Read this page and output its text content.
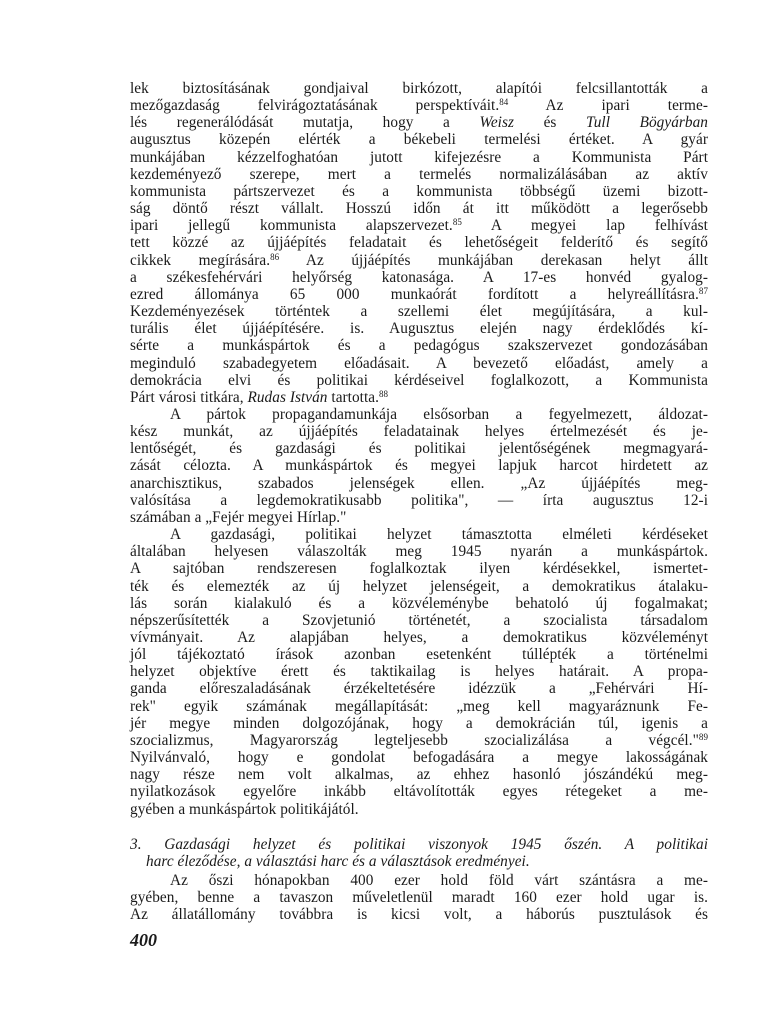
lek biztosításának gondjaival birkózott, alapítói felcsillantották a
mezőgazdaság felvirágoztatásának perspektíváit.$^{84}$ Az ipari terme-
lés regenerálódását mutatja, hogy a Weisz és Tull Bögyárban
augusztus közepén elérték a békebeli termelési értéket. A gyár
munkájában kézzelfoghatóan jutott kifejezésre a Kommunista Párt
kezdeményező szerepe, mert a termelés normalizálásában az aktív
kommunista pártszervezet és a kommunista többségű üzemi bizott-
ság döntő részt vállalt. Hosszú időn át itt működött a legerősebb
ipari jellegű kommunista alapszervezet.$^{85}$ A megyei lap felhívást
tett közzé az újjáépítés feladatait és lehetőségeit felderítő és segítő
cikkek megírására.$^{86}$ Az újjáépítés munkájában derekasan helyt állt
a székesfehérvári helyőrség katonasága. A 17-es honvéd gyalog-
ezred állománya 65 000 munkaórát fordított a helyreállításra.$^{87}$
Kezdeményezések történtek a szellemi élet megújítására, a kul-
turális élet újjáépítésére. is. Augusztus elején nagy érdeklődés kí-
sérte a munkáspártok és a pedagógus szakszervezet gondozásában
meginduló szabadegyetem előadásait. A bevezető előadást, amely a
demokrácia elvi és politikai kérdéseivel foglalkozott, a Kommunista
Párt városi titkára, Rudas István tartotta.$^{88}$
A pártok propagandamunkája elsősorban a fegyelmezett, áldozat-
kész munkát, az újjáépítés feladatainak helyes értelmezését és je-
lentőségét, és gazdasági és politikai jelentőségének megmagyará-
zását célozta. A munkáspártok és megyei lapjuk harcot hirdetett az
anarchisztikus, szabados jelenségek ellen. „Az újjáépítés meg-
valósítása a legdemokratikusabb politika", — írta augusztus 12-i
számában a „Fejér megyei Hírlap."
A gazdasági, politikai helyzet támasztotta elméleti kérdéseket
általában helyesen válaszolták meg 1945 nyarán a munkáspártok.
A sajtóban rendszeresen foglalkoztak ilyen kérdésekkel, ismertet-
ték és elemezték az új helyzet jelenségeit, a demokratikus átalaku-
lás során kialakuló és a közvéleménybe behatoló új fogalmakat;
népszerűsítették a Szovjetunió történetét, a szocialista társadalom
vívmányait. Az alapjában helyes, a demokratikus közvéleményt
jól tájékoztató írások azonban esetenként túllépték a történelmi
helyzet objektíve érett és taktikailag is helyes határait. A propa-
ganda előreszaladásának érzékeltetésére idézzük a „Fehérvári Hí-
rek" egyik számának megállapítását: „meg kell magyaráznunk Fe-
jér megye minden dolgozójának, hogy a demokrácián túl, igenis a
szocializmus, Magyarország legteljesebb szocializálása a végcél."$^{89}$
Nyilvánvaló, hogy e gondolat befogadására a megye lakosságának
nagy része nem volt alkalmas, az ehhez hasonló jószándékú meg-
nyilatkozások egyelőre inkább eltávolították egyes rétegeket a me-
gyében a munkáspártok politikájától.
3. Gazdasági helyzet és politikai viszonyok 1945 őszén. A politikai
harc éleződése, a választási harc és a választások eredményei.
Az őszi hónapokban 400 ezer hold föld várt szántásra a me-
gyében, benne a tavaszon műveletlenül maradt 160 ezer hold ugar is.
Az állatállomány továbbra is kicsi volt, a háborús pusztulások és
400
